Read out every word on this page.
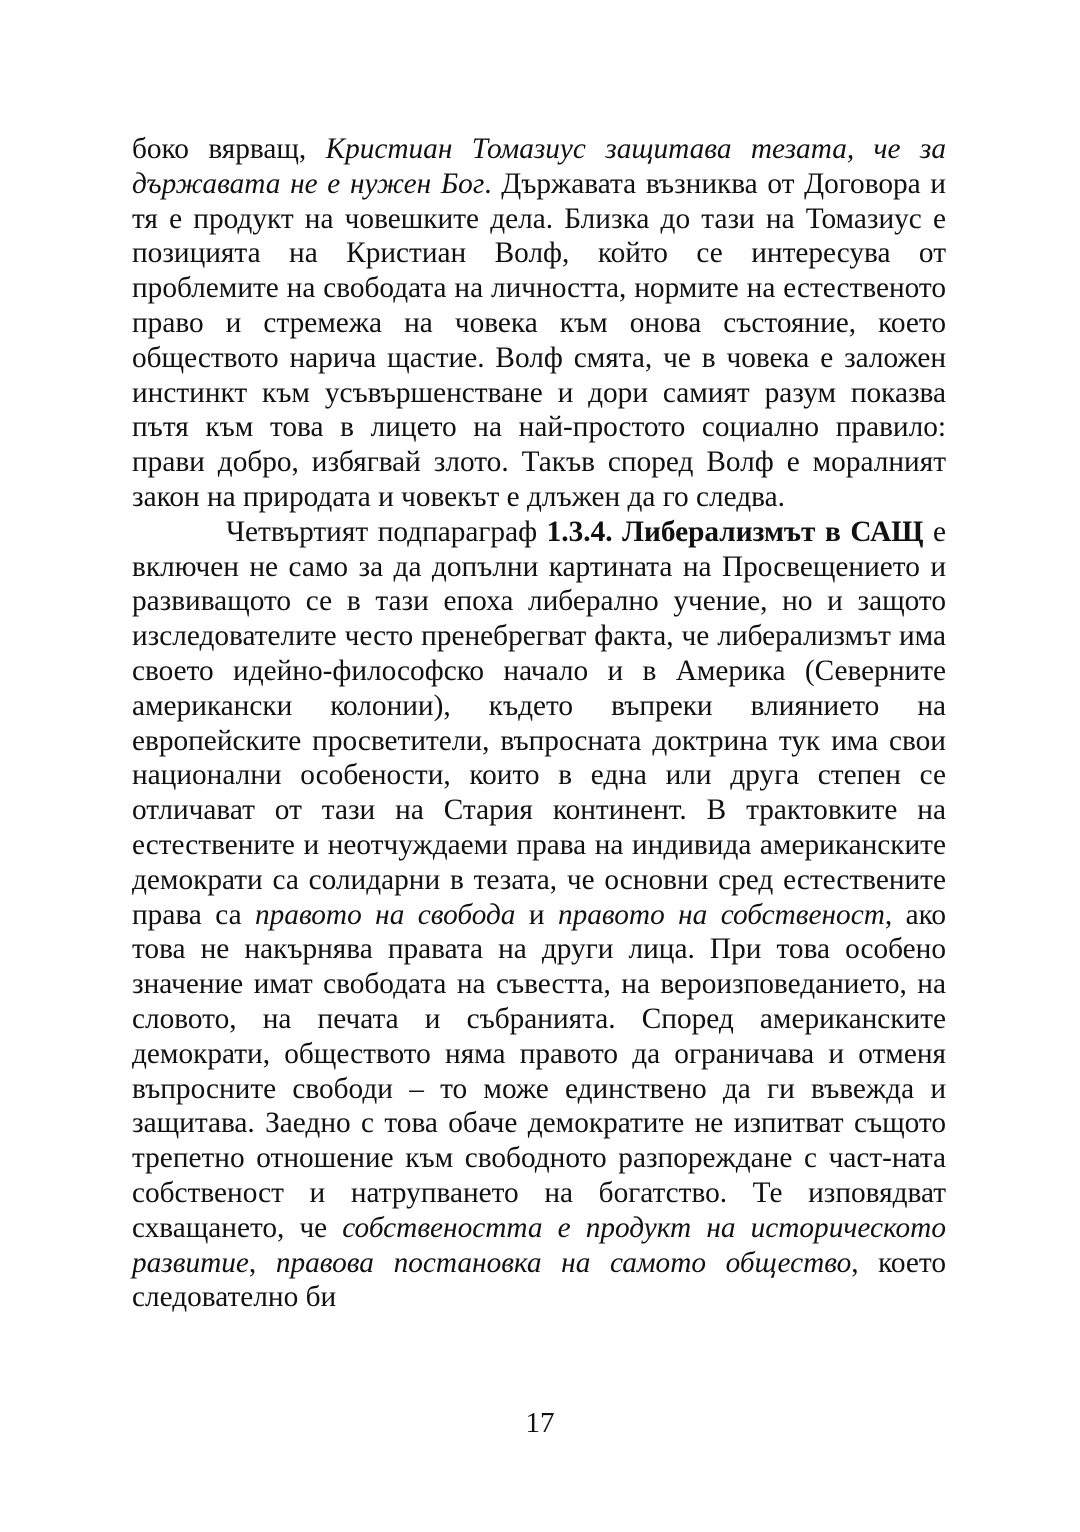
боко вярващ, Кристиан Томазиус защитава тезата, че за държавата не е нужен Бог. Държавата възниква от Договора и тя е продукт на човешките дела. Близка до тази на Томазиус е позицията на Кристиан Волф, който се интересува от проблемите на свободата на личността, нормите на естественото право и стремежа на човека към онова състояние, което обществото нарича щастие. Волф смята, че в човека е заложен инстинкт към усъвършенстване и дори самият разум показва пътя към това в лицето на най-простото социално правило: прави добро, избягвай злото. Такъв според Волф е моралният закон на природата и човекът е длъжен да го следва.

Четвъртият подпараграф 1.3.4. Либерализмът в САЩ е включен не само за да допълни картината на Просвещението и развиващото се в тази епоха либерално учение, но и защото изследователите често пренебрегват факта, че либерализмът има своето идейно-философско начало и в Америка (Северните американски колонии), където въпреки влиянието на европейските просветители, въпросната доктрина тук има свои национални особености, които в една или друга степен се отличават от тази на Стария континент. В трактовките на естествените и неотчуждаеми права на индивида американските демократи са солидарни в тезата, че основни сред естествените права са правото на свобода и правото на собственост, ако това не накърнява правата на други лица. При това особено значение имат свободата на съвестта, на вероизповеданието, на словото, на печата и събранията. Според американските демократи, обществото няма правото да ограничава и отменя въпросните свободи – то може единствено да ги въвежда и защитава. Заедно с това обаче демократите не изпитват същото трепетно отношение към свободното разпореждане с част-ната собственост и натрупването на богатство. Те изповядват схващането, че собствеността е продукт на историческото развитие, правова постановка на самото общество, което следователно би

17
